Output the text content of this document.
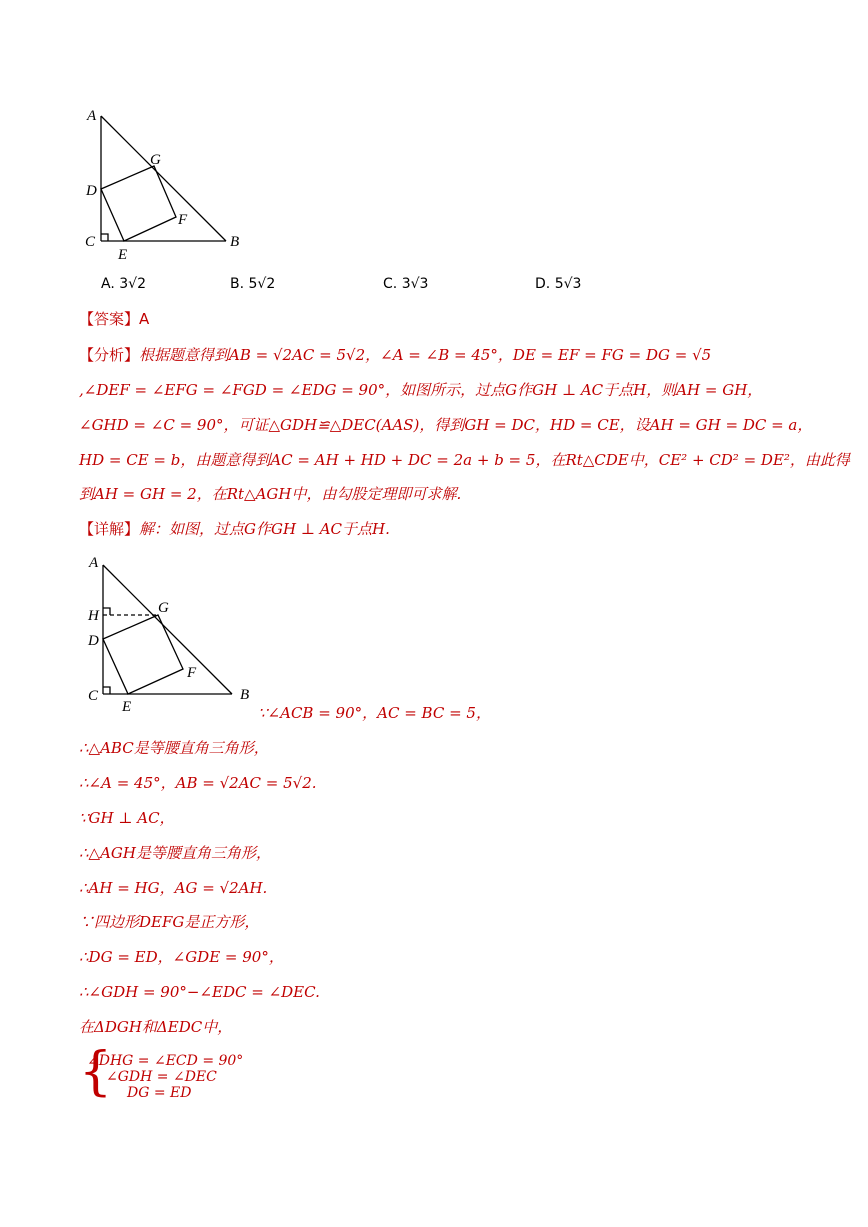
A
G
D
F
C	B
E
A. 3√2	B. 5√2	C. 3√3	D. 5√3
【答案】A
【分析】根据题意得到AB = √2AC = 5√2，∠A = ∠B = 45°，DE = EF = FG = DG = √5
,∠DEF = ∠EFG = ∠FGD = ∠EDG = 90°，如图所示，过点G作GH ⊥ AC于点H，则AH = GH，
∠GHD = ∠C = 90°，可证△GDH≌△DEC(AAS)，得到GH = DC，HD = CE，设AH = GH = DC = a，
HD = CE = b，由题意得到AC = AH + HD + DC = 2a + b = 5，在Rt△CDE中，CE² + CD² = DE²，由此得
到AH = GH = 2，在Rt△AGH中，由勾股定理即可求解.
【详解】解：如图，过点G作GH ⊥ AC于点H.
A
H	G
D
F
C	B
E	∵∠ACB = 90°，AC = BC = 5，
∴△ABC是等腰直角三角形，
∴∠A = 45°，AB = √2AC = 5√2.
∵GH ⊥ AC，
∴△AGH是等腰直角三角形，
∴AH = HG，AG = √2AH.
∵四边形DEFG是正方形，
∴DG = ED，∠GDE = 90°，
∴∠GDH = 90°−∠EDC = ∠DEC.
在ΔDGH和ΔEDC中，
{
∠DHG = ∠ECD = 90°
∠GDH = ∠DEC
DG = ED
